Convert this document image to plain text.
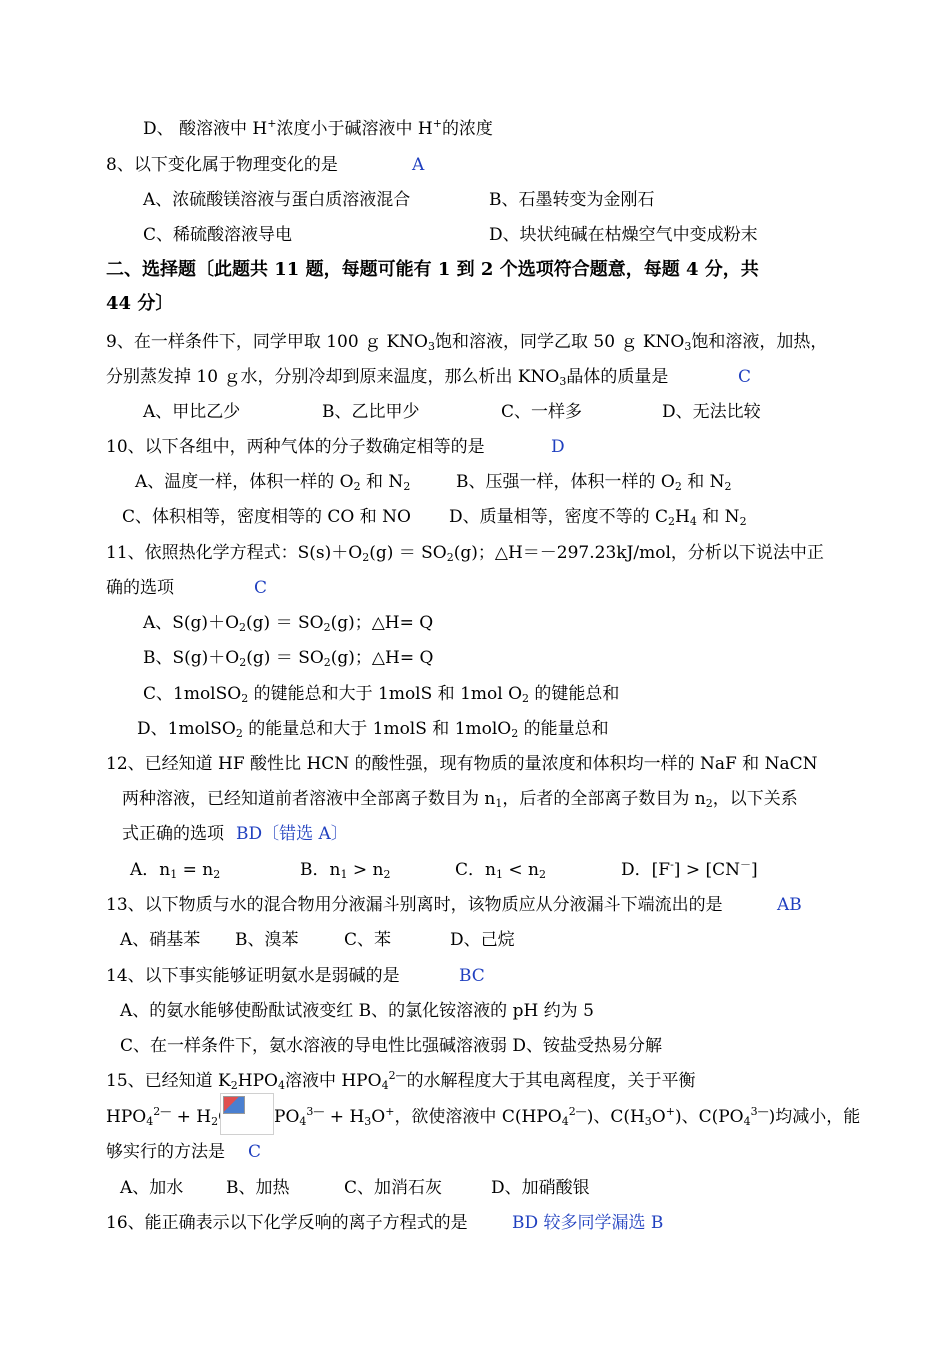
D、 酸溶液中 H+浓度小于碱溶液中 H+的浓度
8、以下变化属于物理变化的是	A
A、浓硫酸镁溶液与蛋白质溶液混合	B、石墨转变为金刚石
C、稀硫酸溶液导电	D、块状纯碱在枯燥空气中变成粉末
二、选择题〔此题共 11 题，每题可能有 1 到 2 个选项符合题意，每题 4 分，共
44 分〕
9、在一样条件下，同学甲取 100 ｇ $KNO_3$饱和溶液，同学乙取 50 ｇ $KNO_3$饱和溶液，加热，
分别蒸发掉 10 ｇ水，分别冷却到原来温度，那么析出 $KNO_3$晶体的质量是	C
A、甲比乙少	B、乙比甲少	C、一样多	D、无法比较
10、以下各组中，两种气体的分子数确定相等的是	D
A、温度一样，体积一样的 $O_2$ 和 $N_2$	B、压强一样，体积一样的 $O_2$ 和 $N_2$
C、体积相等，密度相等的 CO 和 NO D、质量相等，密度不等的 $C_2H_4$ 和 $N_2$
11、依照热化学方程式：$S(s)+O_2(g) = SO_2(g)$；△H＝－297.23kJ/mol，分析以下说法中正
确的选项	C
A、$S(g)+O_2(g) = SO_2(g)$；△H= Q
B、$S(g)+O_2(g) = SO_2(g)$；△H= Q
C、1molSO$_2$ 的键能总和大于 1molS 和 1mol $O_2$ 的键能总和
D、1molSO$_2$ 的能量总和大于 1molS 和 1molO$_2$ 的能量总和
12、已经知道 HF 酸性比 HCN 的酸性强，现有物质的量浓度和体积均一样的 NaF 和 NaCN
两种溶液，已经知道前者溶液中全部离子数目为 $n_1$，后者的全部离子数目为 $n_2$，以下关系
式正确的选项 BD〔错选 A〕
A．$n_1 = n_2$	B．$n_1 > n_2$	C．$n_1 < n_2$	D．[F-] > [CN－]
13、以下物质与水的混合物用分液漏斗别离时，该物质应从分液漏斗下端流出的是	AB
A、硝基苯 B、溴苯	C、苯	D、己烷
14、以下事实能够证明氨水是弱碱的是	BC
A、的氨水能够使酚酞试液变红 B、的氯化铵溶液的 pH 约为 5
C、在一样条件下，氨水溶液的导电性比强碱溶液弱 D、铵盐受热易分解
15、已经知道 $K_2HPO_4$溶液中 $HPO_4^{2—}$的水解程度大于其电离程度，关于平衡
$HPO_4^{2—} + H_2$	$PO_4^{3—} + H_3O^+$，欲使溶液中 $C(HPO_4^{2—})$、$C(H_3O^+)$、$C(PO_4^{3—})$均减小，能
够实行的方法是 C
A、加水	B、加热	C、加消石灰	D、加硝酸银
16、能正确表示以下化学反响的离子方程式的是	BD 较多同学漏选 B
